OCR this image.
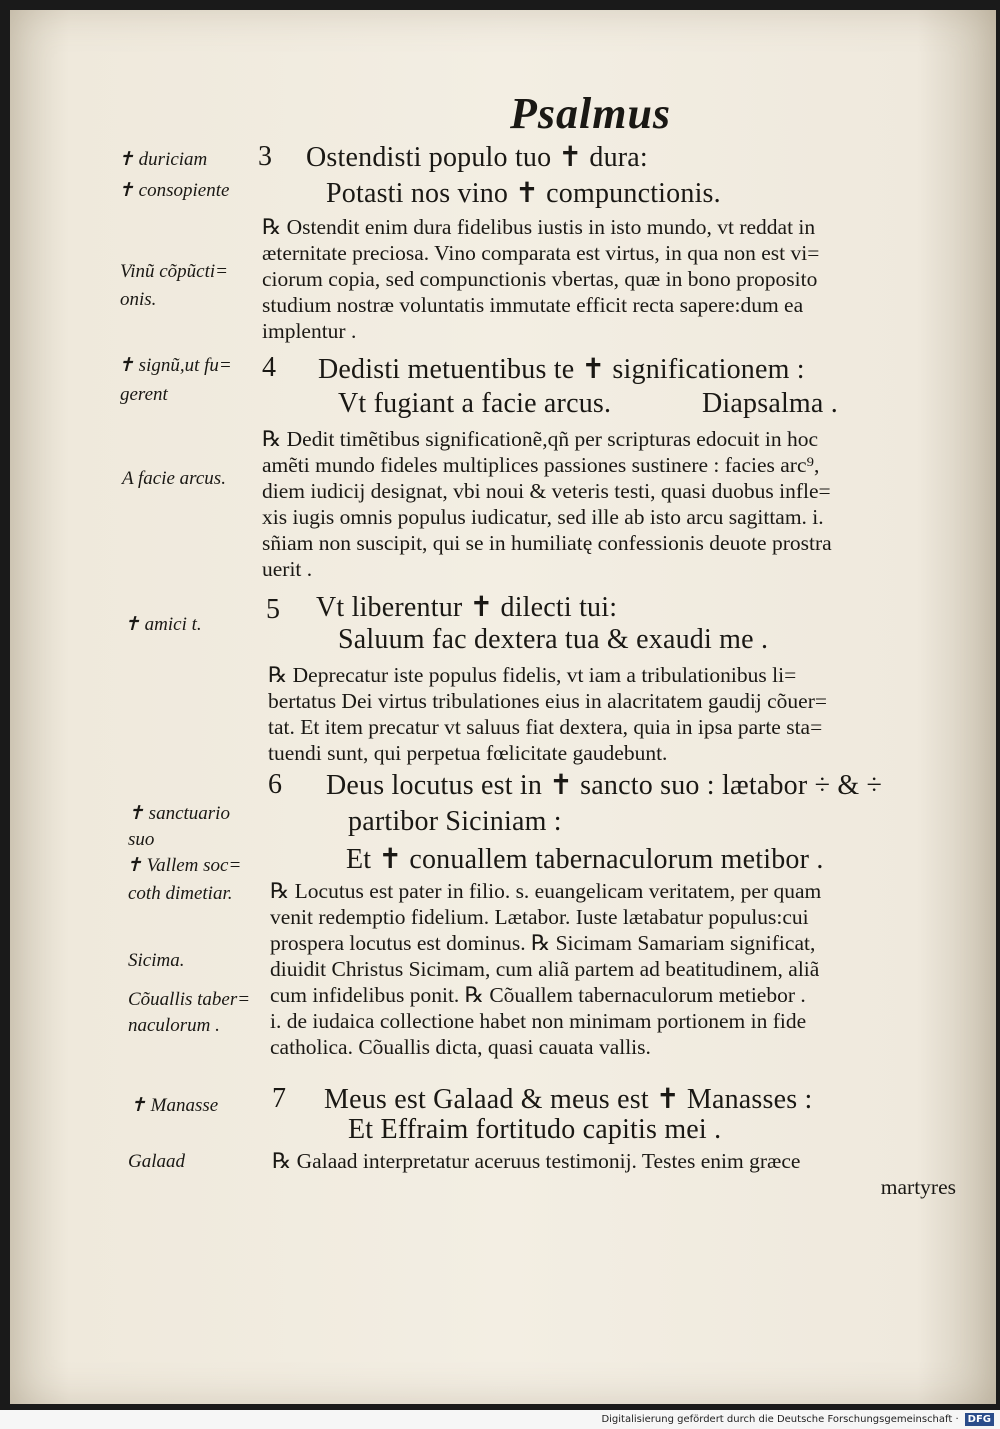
Psalmus
✝ duriciam
✝ consopiente
Vinũ cõpũcti=
onis.
✝ signũ,ut fu=
gerent
A facie arcus.
✝ amici t.
✝ sanctuario
suo
✝ Vallem soc=
coth dimetiar.
Sicima.
Cõuallis taber=
naculorum .
✝ Manasse
Galaad
3
4
5
6
7
Ostendisti populo tuo ✝ dura:
Potasti nos vino ✝ compunctionis.
Dedisti metuentibus te ✝ significationem :
Vt fugiant a facie arcus.	Diapsalma .
Vt liberentur ✝ dilecti tui:
Saluum fac dextera tua & exaudi me .
Deus locutus est in ✝ sancto suo : lætabor ÷ & ÷
partibor Siciniam :
Et ✝ conuallem tabernaculorum metibor .
Meus est Galaad & meus est ✝ Manasses :
Et Effraim fortitudo capitis mei .
℞ Ostendit enim dura fidelibus iustis in isto mundo, vt reddat in
æternitate preciosa. Vino comparata est virtus, in qua non est vi=
ciorum copia, sed compunctionis vbertas, quæ in bono proposito
studium nostræ voluntatis immutate efficit recta sapere:dum ea
implentur .
℞ Dedit timẽtibus significationẽ,qñ per scripturas edocuit in hoc
amẽti mundo fideles multiplices passiones sustinere : facies arc⁹,
diem iudicij designat, vbi noui & veteris testi, quasi duobus infle=
xis iugis omnis populus iudicatur, sed ille ab isto arcu sagittam. i.
sñiam non suscipit, qui se in humiliatę confessionis deuote prostra
uerit .
℞ Deprecatur iste populus fidelis, vt iam a tribulationibus li=
bertatus Dei virtus tribulationes eius in alacritatem gaudij cõuer=
tat. Et item precatur vt saluus fiat dextera, quia in ipsa parte sta=
tuendi sunt, qui perpetua fœlicitate gaudebunt.
℞ Locutus est pater in filio. s. euangelicam veritatem, per quam
venit redemptio fidelium. Lætabor. Iuste lætabatur populus:cui
prospera locutus est dominus. ℞ Sicimam Samariam significat,
diuidit Christus Sicimam, cum aliã partem ad beatitudinem, aliã
cum infidelibus ponit. ℞ Cõuallem tabernaculorum metiebor .
i. de iudaica collectione habet non minimam portionem in fide
catholica. Cõuallis dicta, quasi cauata vallis.
℞ Galaad interpretatur aceruus testimonij. Testes enim græce
martyres
Digitalisierung gefördert durch die Deutsche Forschungsgemeinschaft · DFG
